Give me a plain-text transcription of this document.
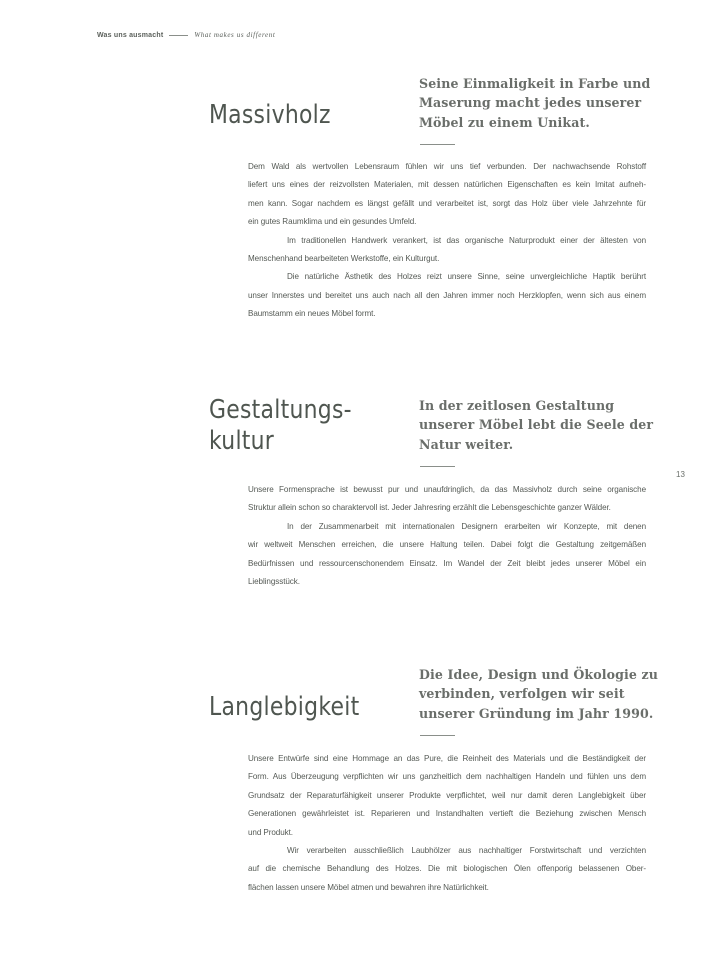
Was uns ausmacht	What makes us different
13
Massivholz
Seine Einmaligkeit in Farbe und
Maserung macht jedes unserer
Möbel zu einem Unikat.
Dem Wald als wertvollen Lebensraum fühlen wir uns tief verbunden. Der nachwachsende Rohstoff
liefert uns eines der reizvollsten Materialen, mit dessen natürlichen Eigenschaften es kein Imitat aufneh-
men kann. Sogar nachdem es längst gefällt und verarbeitet ist, sorgt das Holz über viele Jahrzehnte für
ein gutes Raumklima und ein gesundes Umfeld.
Im traditionellen Handwerk verankert, ist das organische Naturprodukt einer der ältesten von
Menschenhand bearbeiteten Werkstoffe, ein Kulturgut.
Die natürliche Ästhetik des Holzes reizt unsere Sinne, seine unvergleichliche Haptik berührt
unser Innerstes und bereitet uns auch nach all den Jahren immer noch Herzklopfen, wenn sich aus einem
Baumstamm ein neues Möbel formt.
Gestaltungs-
kultur
In der zeitlosen Gestaltung
unserer Möbel lebt die Seele der
Natur weiter.
Unsere Formensprache ist bewusst pur und unaufdringlich, da das Massivholz durch seine organische
Struktur allein schon so charaktervoll ist. Jeder Jahresring erzählt die Lebensgeschichte ganzer Wälder.
In der Zusammenarbeit mit internationalen Designern erarbeiten wir Konzepte, mit denen
wir weltweit Menschen erreichen, die unsere Haltung teilen. Dabei folgt die Gestaltung zeitgemäßen
Bedürfnissen und ressourcenschonendem Einsatz. Im Wandel der Zeit bleibt jedes unserer Möbel ein
Lieblingsstück.
Langlebigkeit
Die Idee, Design und Ökologie zu
verbinden, verfolgen wir seit
unserer Gründung im Jahr 1990.
Unsere Entwürfe sind eine Hommage an das Pure, die Reinheit des Materials und die Beständigkeit der
Form. Aus Überzeugung verpflichten wir uns ganzheitlich dem nachhaltigen Handeln und fühlen uns dem
Grundsatz der Reparaturfähigkeit unserer Produkte verpflichtet, weil nur damit deren Langlebigkeit über
Generationen gewährleistet ist. Reparieren und Instandhalten vertieft die Beziehung zwischen Mensch
und Produkt.
Wir verarbeiten ausschließlich Laubhölzer aus nachhaltiger Forstwirtschaft und verzichten
auf die chemische Behandlung des Holzes. Die mit biologischen Ölen offenporig belassenen Ober-
flächen lassen unsere Möbel atmen und bewahren ihre Natürlichkeit.
